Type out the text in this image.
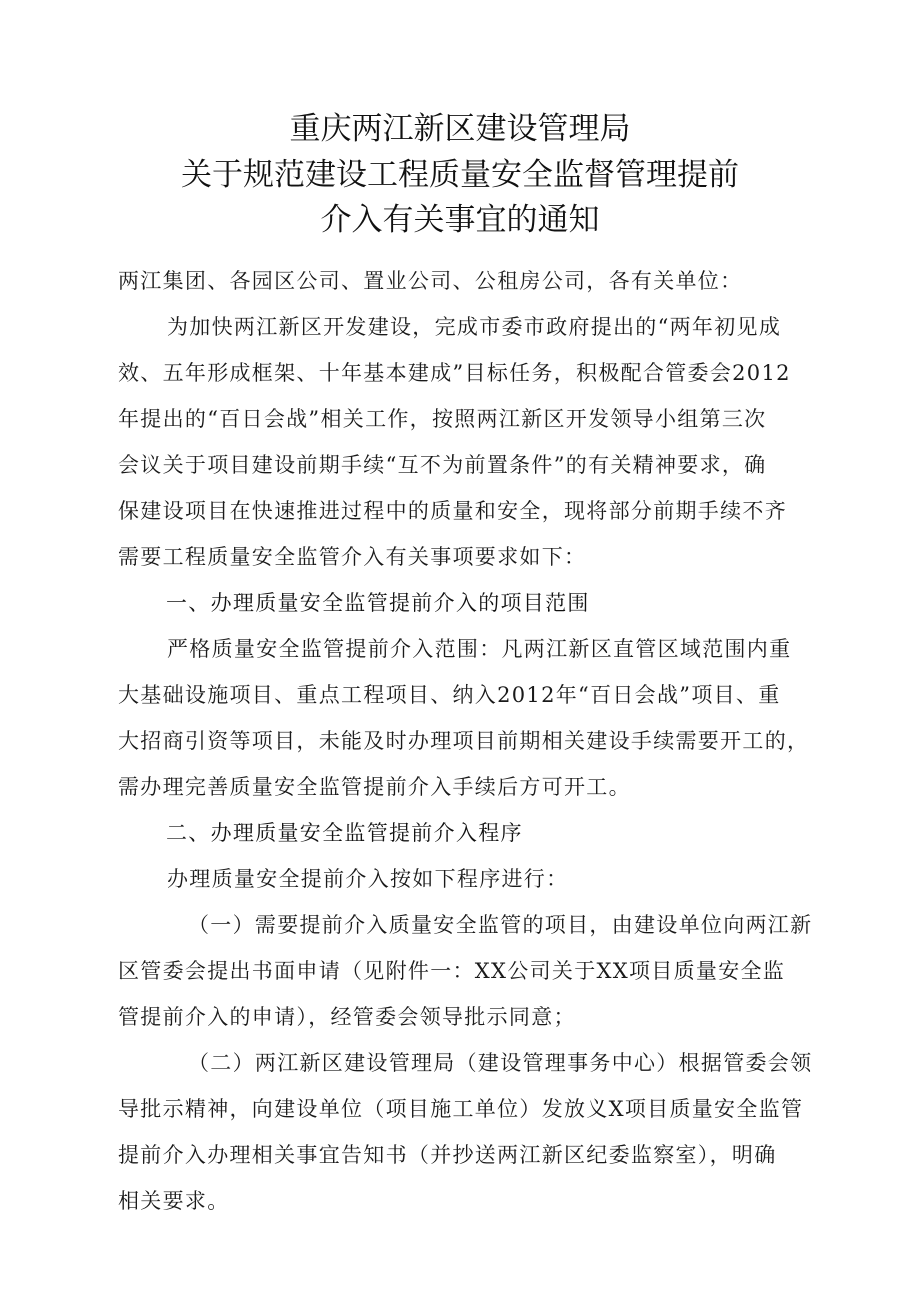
重庆两江新区建设管理局
关于规范建设工程质量安全监督管理提前
介入有关事宜的通知
两江集团、各园区公司、置业公司、公租房公司，各有关单位：
为加快两江新区开发建设，完成市委市政府提出的“两年初见成
效、五年形成框架、十年基本建成”目标任务，积极配合管委会2012
年提出的“百日会战”相关工作，按照两江新区开发领导小组第三次
会议关于项目建设前期手续“互不为前置条件”的有关精神要求，确
保建设项目在快速推进过程中的质量和安全，现将部分前期手续不齐
需要工程质量安全监管介入有关事项要求如下：
一、办理质量安全监管提前介入的项目范围
严格质量安全监管提前介入范围：凡两江新区直管区域范围内重
大基础设施项目、重点工程项目、纳入2012年“百日会战”项目、重
大招商引资等项目，未能及时办理项目前期相关建设手续需要开工的，
需办理完善质量安全监管提前介入手续后方可开工。
二、办理质量安全监管提前介入程序
办理质量安全提前介入按如下程序进行：
（一）需要提前介入质量安全监管的项目，由建设单位向两江新
区管委会提出书面申请（见附件一：XX公司关于XX项目质量安全监
管提前介入的申请），经管委会领导批示同意；
（二）两江新区建设管理局（建设管理事务中心）根据管委会领
导批示精神，向建设单位（项目施工单位）发放义X项目质量安全监管
提前介入办理相关事宜告知书（并抄送两江新区纪委监察室），明确
相关要求。
